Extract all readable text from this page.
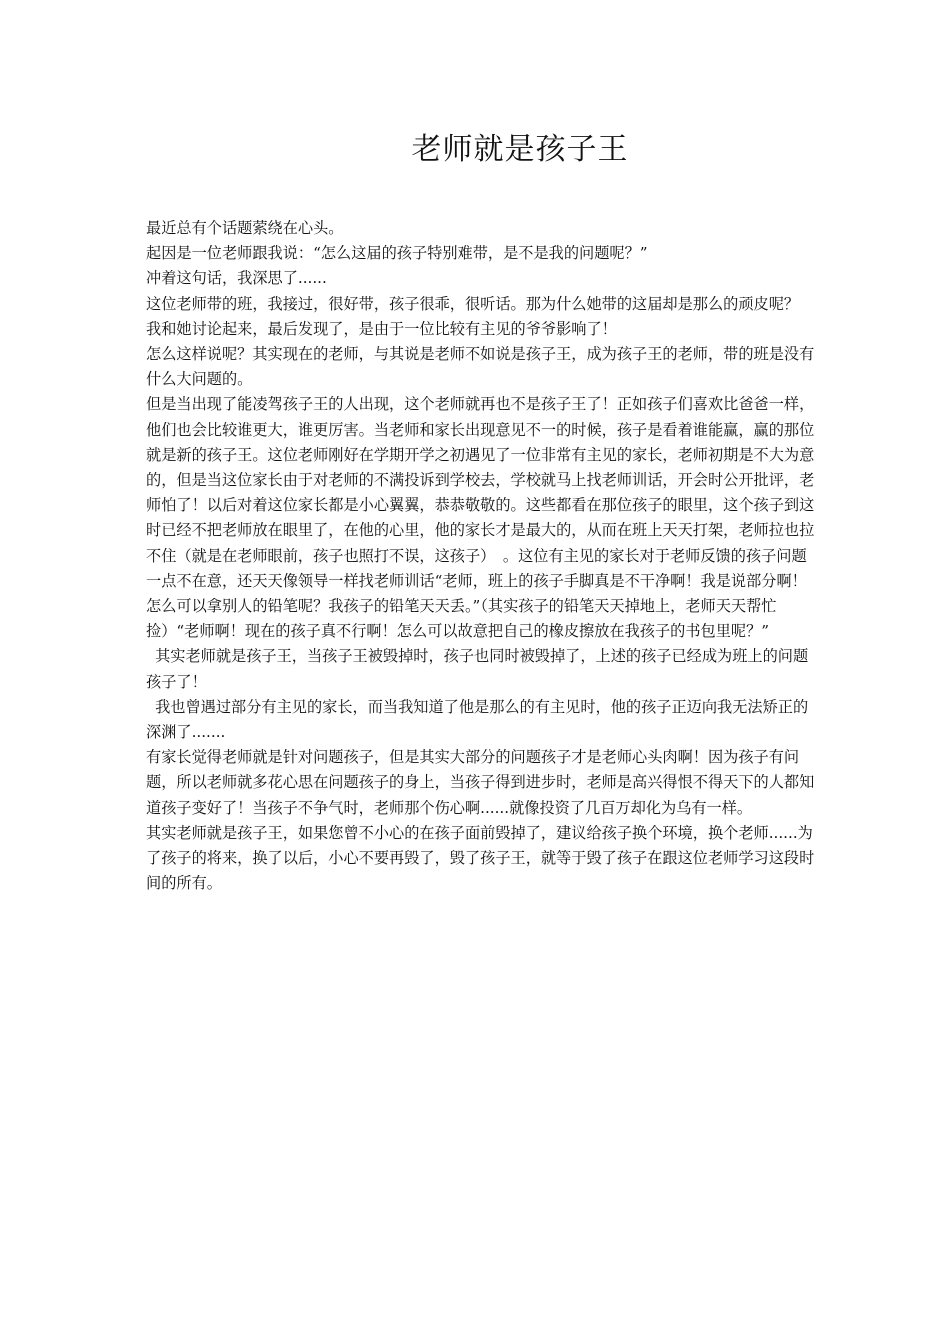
老师就是孩子王

最近总有个话题萦绕在心头。

起因是一位老师跟我说：“怎么这届的孩子特别难带，是不是我的问题呢？”

冲着这句话，我深思了......

这位老师带的班，我接过，很好带，孩子很乖，很听话。那为什么她带的这届却是那么的顽皮呢？

我和她讨论起来，最后发现了，是由于一位比较有主见的爷爷影响了！

怎么这样说呢？其实现在的老师，与其说是老师不如说是孩子王，成为孩子王的老师，带的班是没有什么大问题的。

但是当出现了能凌驾孩子王的人出现，这个老师就再也不是孩子王了！正如孩子们喜欢比爸爸一样，他们也会比较谁更大，谁更厉害。当老师和家长出现意见不一的时候，孩子是看着谁能赢，赢的那位就是新的孩子王。这位老师刚好在学期开学之初遇见了一位非常有主见的家长，老师初期是不大为意的，但是当这位家长由于对老师的不满投诉到学校去，学校就马上找老师训话，开会时公开批评，老师怕了！以后对着这位家长都是小心翼翼，恭恭敬敬的。这些都看在那位孩子的眼里，这个孩子到这时已经不把老师放在眼里了，在他的心里，他的家长才是最大的，从而在班上天天打架，老师拉也拉不住（就是在老师眼前，孩子也照打不误，这孩子）　。这位有主见的家长对于老师反馈的孩子问题一点不在意，还天天像领导一样找老师训话“老师，班上的孩子手脚真是不干净啊！我是说部分啊！怎么可以拿别人的铅笔呢？我孩子的铅笔天天丢。”（其实孩子的铅笔天天掉地上，老师天天帮忙捡）“老师啊！现在的孩子真不行啊！怎么可以故意把自己的橡皮擦放在我孩子的书包里呢？”

其实老师就是孩子王，当孩子王被毁掉时，孩子也同时被毁掉了，上述的孩子已经成为班上的问题孩子了！

我也曾遇过部分有主见的家长，而当我知道了他是那么的有主见时，他的孩子正迈向我无法矫正的深渊了.......

有家长觉得老师就是针对问题孩子，但是其实大部分的问题孩子才是老师心头肉啊！因为孩子有问题，所以老师就多花心思在问题孩子的身上，当孩子得到进步时，老师是高兴得恨不得天下的人都知道孩子变好了！当孩子不争气时，老师那个伤心啊......就像投资了几百万却化为乌有一样。

其实老师就是孩子王，如果您曾不小心的在孩子面前毁掉了，建议给孩子换个环境，换个老师......为了孩子的将来，换了以后，小心不要再毁了，毁了孩子王，就等于毁了孩子在跟这位老师学习这段时间的所有。
